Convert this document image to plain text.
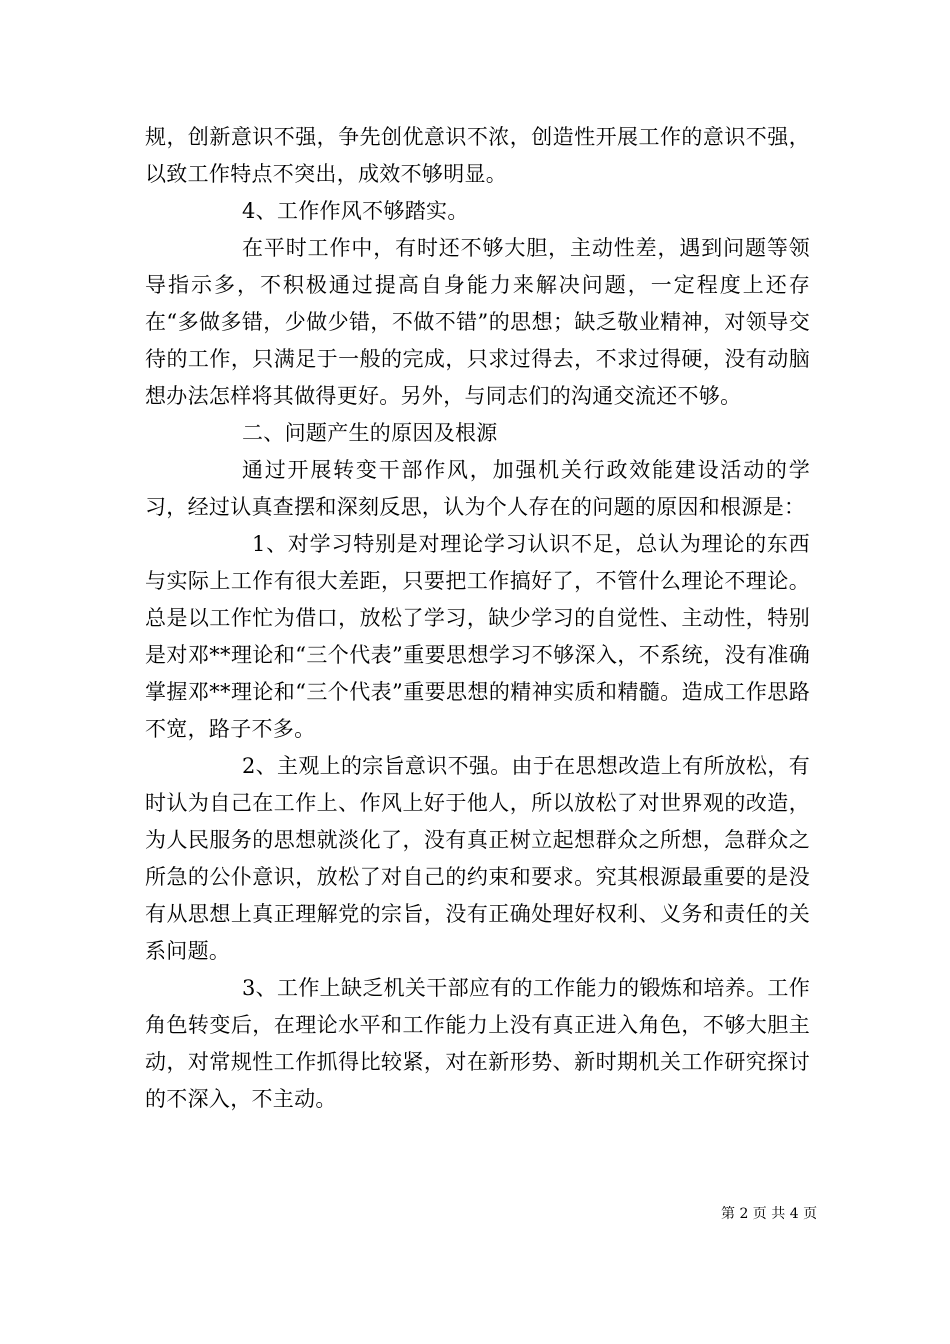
规，创新意识不强，争先创优意识不浓，创造性开展工作的意识不强，以致工作特点不突出，成效不够明显。

4、工作作风不够踏实。

在平时工作中，有时还不够大胆，主动性差，遇到问题等领导指示多，不积极通过提高自身能力来解决问题，一定程度上还存在“多做多错，少做少错，不做不错”的思想；缺乏敬业精神，对领导交待的工作，只满足于一般的完成，只求过得去，不求过得硬，没有动脑想办法怎样将其做得更好。另外，与同志们的沟通交流还不够。

二、问题产生的原因及根源

通过开展转变干部作风，加强机关行政效能建设活动的学习，经过认真查摆和深刻反思，认为个人存在的问题的原因和根源是：

1、对学习特别是对理论学习认识不足，总认为理论的东西与实际上工作有很大差距，只要把工作搞好了，不管什么理论不理论。总是以工作忙为借口，放松了学习，缺少学习的自觉性、主动性，特别是对邓**理论和“三个代表”重要思想学习不够深入，不系统，没有准确掌握邓**理论和“三个代表”重要思想的精神实质和精髓。造成工作思路不宽，路子不多。

2、主观上的宗旨意识不强。由于在思想改造上有所放松，有时认为自己在工作上、作风上好于他人，所以放松了对世界观的改造，为人民服务的思想就淡化了，没有真正树立起想群众之所想，急群众之所急的公仆意识，放松了对自己的约束和要求。究其根源最重要的是没有从思想上真正理解党的宗旨，没有正确处理好权利、义务和责任的关系问题。

3、工作上缺乏机关干部应有的工作能力的锻炼和培养。工作角色转变后，在理论水平和工作能力上没有真正进入角色，不够大胆主动，对常规性工作抓得比较紧，对在新形势、新时期机关工作研究探讨的不深入，不主动。

第 2 页 共 4 页
